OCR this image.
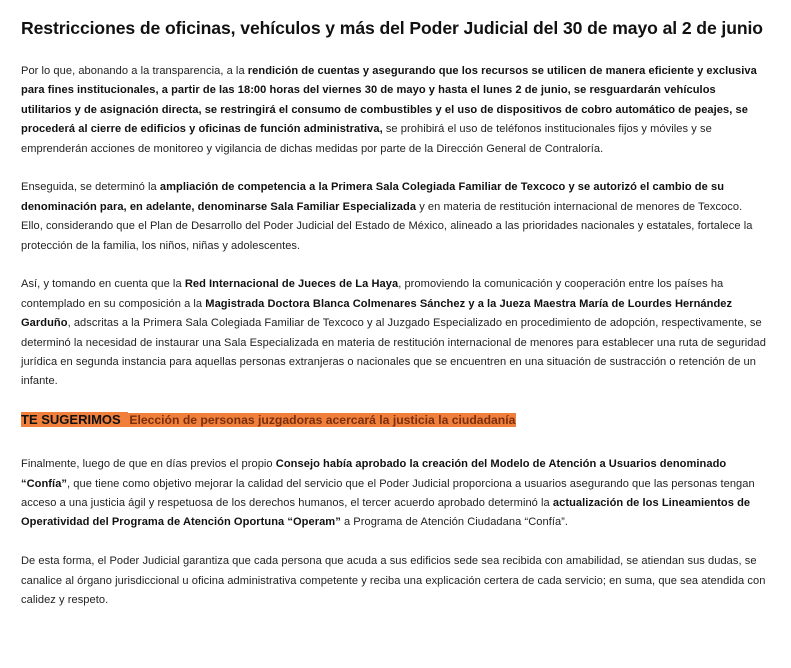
Restricciones de oficinas, vehículos y más del Poder Judicial del 30 de mayo al 2 de junio

Por lo que, abonando a la transparencia, a la rendición de cuentas y asegurando que los recursos se utilicen de manera eficiente y exclusiva para fines institucionales, a partir de las 18:00 horas del viernes 30 de mayo y hasta el lunes 2 de junio, se resguardarán vehículos utilitarios y de asignación directa, se restringirá el consumo de combustibles y el uso de dispositivos de cobro automático de peajes, se procederá al cierre de edificios y oficinas de función administrativa, se prohibirá el uso de teléfonos institucionales fijos y móviles y se emprenderán acciones de monitoreo y vigilancia de dichas medidas por parte de la Dirección General de Contraloría.

Enseguida, se determinó la ampliación de competencia a la Primera Sala Colegiada Familiar de Texcoco y se autorizó el cambio de su denominación para, en adelante, denominarse Sala Familiar Especializada y en materia de restitución internacional de menores de Texcoco. Ello, considerando que el Plan de Desarrollo del Poder Judicial del Estado de México, alineado a las prioridades nacionales y estatales, fortalece la protección de la familia, los niños, niñas y adolescentes.

Así, y tomando en cuenta que la Red Internacional de Jueces de La Haya, promoviendo la comunicación y cooperación entre los países ha contemplado en su composición a la Magistrada Doctora Blanca Colmenares Sánchez y a la Jueza Maestra María de Lourdes Hernández Garduño, adscritas a la Primera Sala Colegiada Familiar de Texcoco y al Juzgado Especializado en procedimiento de adopción, respectivamente, se determinó la necesidad de instaurar una Sala Especializada en materia de restitución internacional de menores para establecer una ruta de seguridad jurídica en segunda instancia para aquellas personas extranjeras o nacionales que se encuentren en una situación de sustracción o retención de un infante.

TE SUGERIMOS Elección de personas juzgadoras acercará la justicia la ciudadanía

Finalmente, luego de que en días previos el propio Consejo había aprobado la creación del Modelo de Atención a Usuarios denominado “Confía”, que tiene como objetivo mejorar la calidad del servicio que el Poder Judicial proporciona a usuarios asegurando que las personas tengan acceso a una justicia ágil y respetuosa de los derechos humanos, el tercer acuerdo aprobado determinó la actualización de los Lineamientos de Operatividad del Programa de Atención Oportuna “Operam” a Programa de Atención Ciudadana “Confía”.

De esta forma, el Poder Judicial garantiza que cada persona que acuda a sus edificios sede sea recibida con amabilidad, se atiendan sus dudas, se canalice al órgano jurisdiccional u oficina administrativa competente y reciba una explicación certera de cada servicio; en suma, que sea atendida con calidez y respeto.
